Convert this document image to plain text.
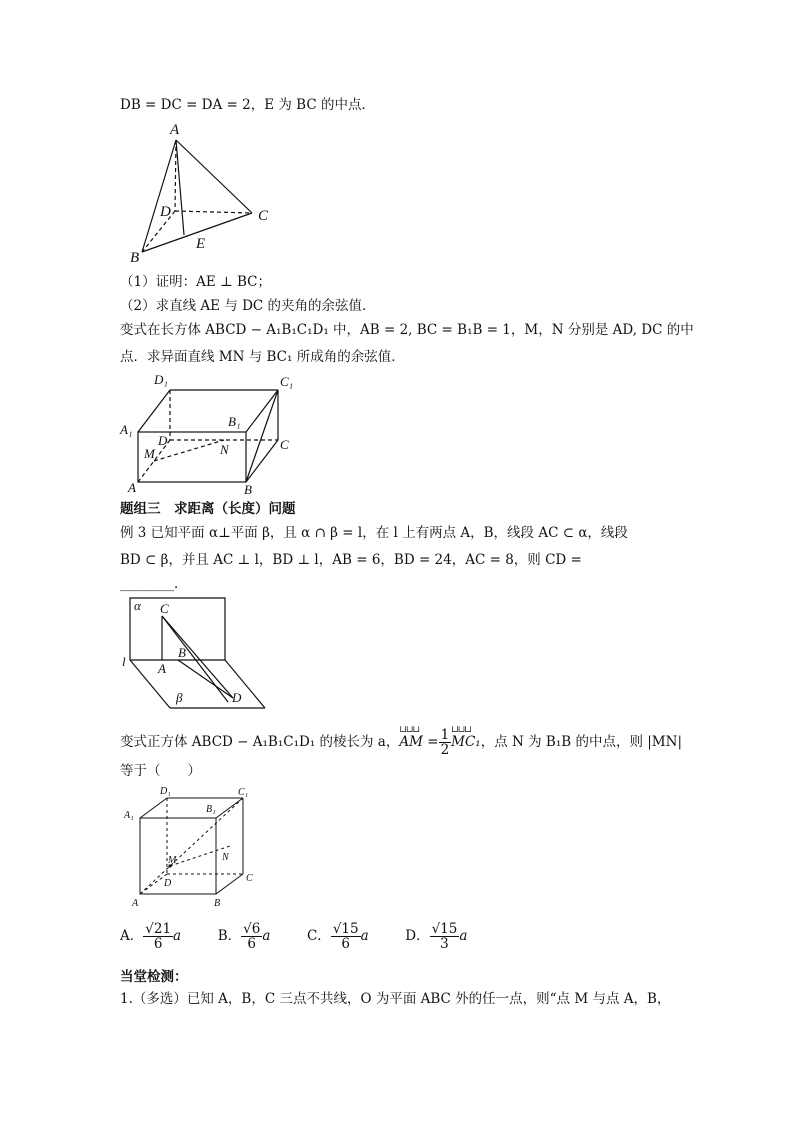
DB = DC = DA = 2，E 为 BC 的中点．
A
B
C
D
E
（1）证明：AE ⊥ BC；
（2）求直线 AE 与 DC 的夹角的余弦值．
变式在长方体 ABCD − A₁B₁C₁D₁ 中，AB = 2, BC = B₁B = 1，M，N 分别是 AD, DC 的中
点．求异面直线 MN 与 BC₁ 所成角的余弦值．
D₁	C₁
A₁
B₁
D	C
M	N
A	B
题组三　求距离（长度）问题
例 3 已知平面 α⊥平面 β，且 α ∩ β = l，在 l 上有两点 A，B，线段 AC ⊂ α，线段
BD ⊂ β，并且 AC ⊥ l，BD ⊥ l，AB = 6，BD = 24，AC = 8，则 CD =
________．
α C
l A
B
β	D
变式正方体 ABCD − A₁B₁C₁D₁ 的棱长为 a，⊔⊔⊔ AM = $\frac{1}{2}$
⊔⊔⊔ MC₁，点 N 为 B₁B 的中点，则 |MN|
等于（　　）
D₁	C₁
A₁
B₁
M	N
D	C
A	B
A． $\frac{√21}{6}$ a	B． $\frac{√6}{6}$ a	C． $\frac{√15}{6}$ a	D． $\frac{√15}{3}$ a
当堂检测：
1.（多选）已知 A，B，C 三点不共线，O 为平面 ABC 外的任一点，则“点 M 与点 A，B，
